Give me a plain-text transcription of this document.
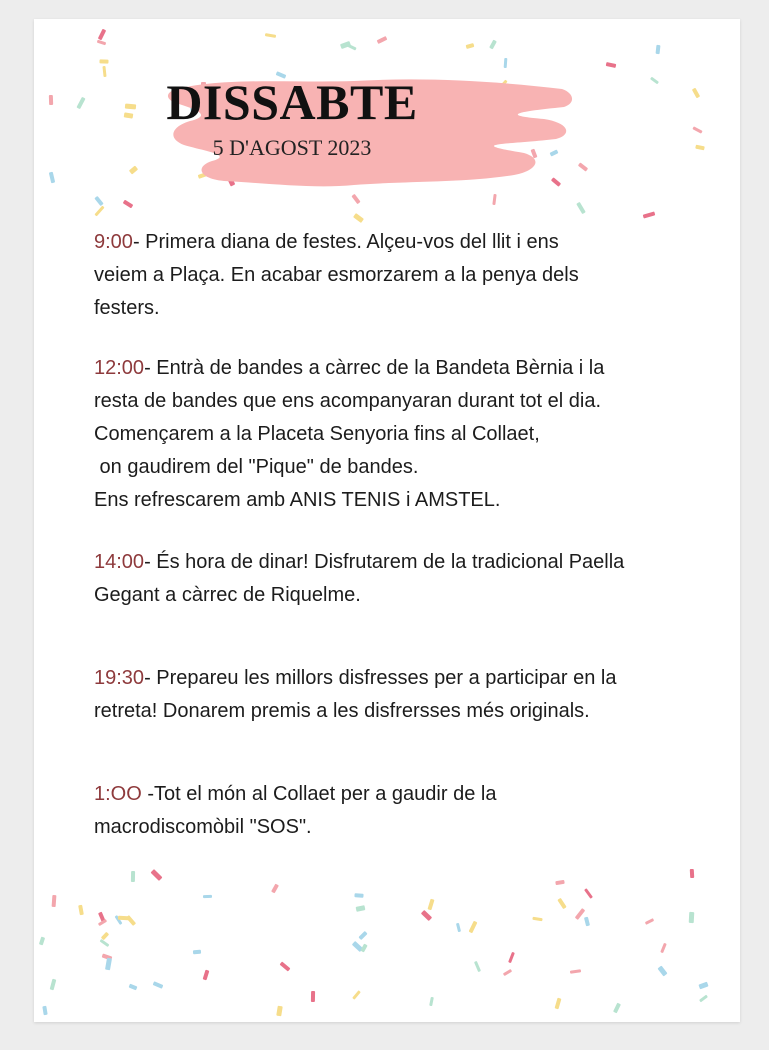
DISSABTE
5 D'AGOST 2023
9:00- Primera diana de festes. Alçeu-vos del llit i ens
veiem a Plaça. En acabar esmorzarem a la penya dels
festers.
12:00- Entrà de bandes a càrrec de la Bandeta Bèrnia i la
resta de bandes que ens acompanyaran durant tot el dia.
Començarem a la Placeta Senyoria fins al Collaet,
on gaudirem del "Pique" de bandes.
Ens refrescarem amb ANIS TENIS i AMSTEL.
14:00- És hora de dinar! Disfrutarem de la tradicional Paella
Gegant a càrrec de Riquelme.
19:30- Prepareu les millors disfresses per a participar en la
retreta! Donarem premis a les disfrersses més originals.
1:OO -Tot el món al Collaet per a gaudir de la
macrodiscomòbil "SOS".
